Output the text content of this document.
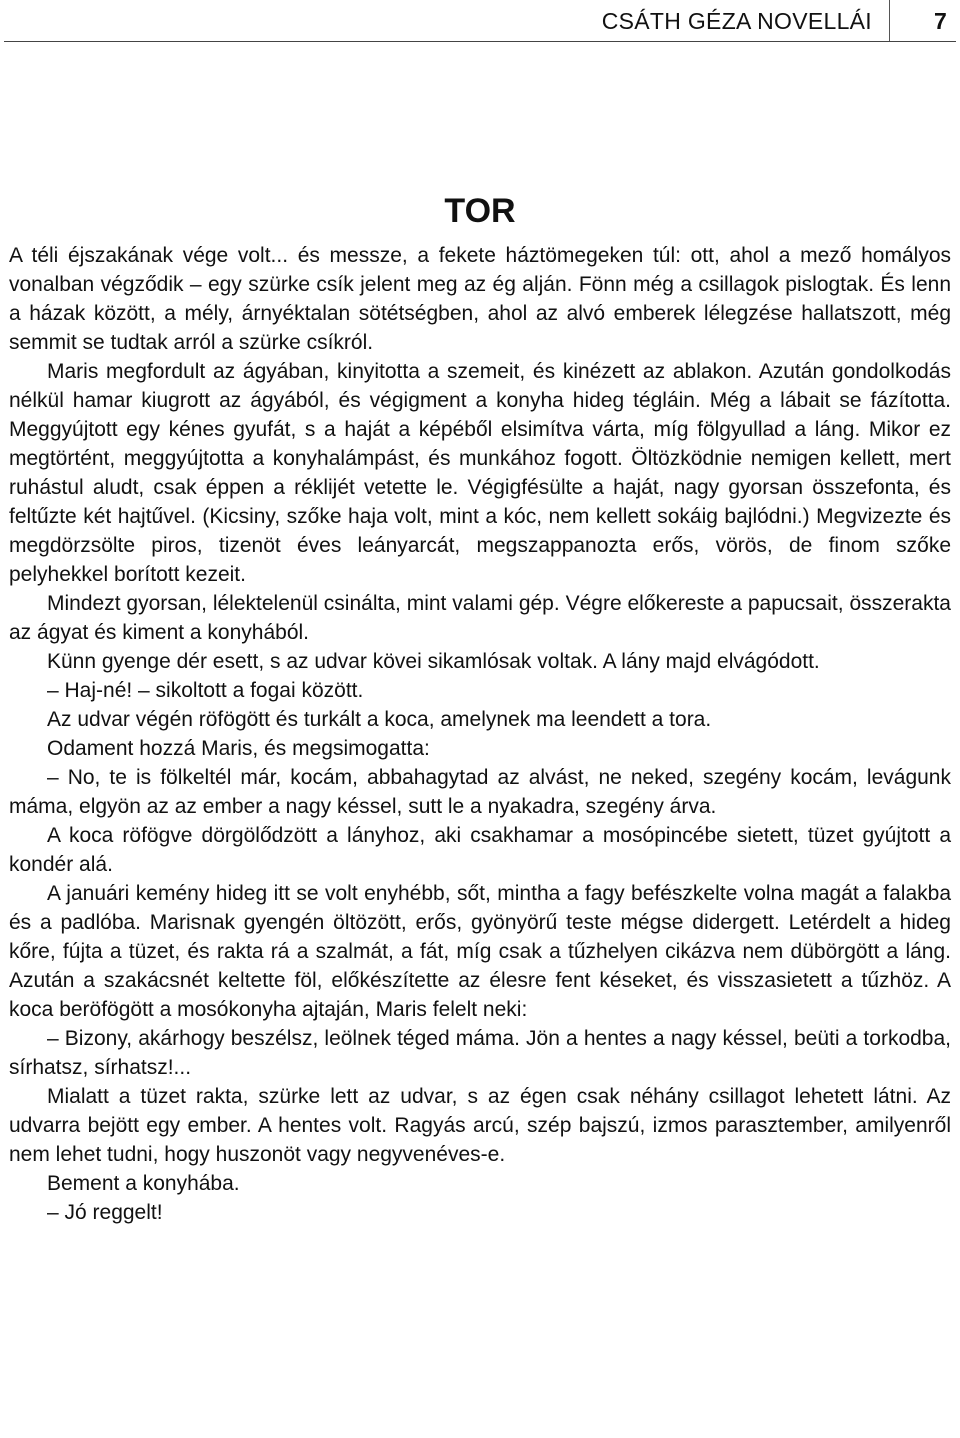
CSÁTH GÉZA NOVELLÁI	7
TOR

A téli éjszakának vége volt... és messze, a fekete háztömegeken túl: ott, ahol a mező homályos vonalban végződik – egy szürke csík jelent meg az ég alján. Fönn még a csillagok pislogtak. És lenn a házak között, a mély, árnyéktalan sötétségben, ahol az alvó emberek lélegzése hallatszott, még semmit se tudtak arról a szürke csíkról.

Maris megfordult az ágyában, kinyitotta a szemeit, és kinézett az ablakon. Azután gondolkodás nélkül hamar kiugrott az ágyából, és végigment a konyha hideg tégláin. Még a lábait se fázította. Meggyújtott egy kénes gyufát, s a haját a képéből elsimítva várta, míg fölgyullad a láng. Mikor ez megtörtént, meggyújtotta a konyhalámpást, és munkához fogott. Öltözködnie nemigen kellett, mert ruhástul aludt, csak éppen a réklijét vetette le. Végigfésülte a haját, nagy gyorsan összefonta, és feltűzte két hajtűvel. (Kicsiny, szőke haja volt, mint a kóc, nem kellett sokáig bajlódni.) Megvizezte és megdörzsölte piros, tizenöt éves leányarcát, megszappanozta erős, vörös, de finom szőke pelyhekkel borított kezeit.

Mindezt gyorsan, lélektelenül csinálta, mint valami gép. Végre előkereste a papucsait, összerakta az ágyat és kiment a konyhából.

Künn gyenge dér esett, s az udvar kövei sikamlósak voltak. A lány majd elvágódott.

– Haj-né! – sikoltott a fogai között.

Az udvar végén röfögött és turkált a koca, amelynek ma leendett a tora.

Odament hozzá Maris, és megsimogatta:

– No, te is fölkeltél már, kocám, abbahagytad az alvást, ne neked, szegény kocám, levágunk máma, elgyön az az ember a nagy késsel, sutt le a nyakadra, szegény árva.

A koca röfögve dörgölődzött a lányhoz, aki csakhamar a mosópincébe sietett, tüzet gyújtott a kondér alá.

A januári kemény hideg itt se volt enyhébb, sőt, mintha a fagy befészkelte volna magát a falakba és a padlóba. Marisnak gyengén öltözött, erős, gyönyörű teste mégse didergett. Letérdelt a hideg kőre, fújta a tüzet, és rakta rá a szalmát, a fát, míg csak a tűzhelyen cikázva nem dübörgött a láng. Azután a szakácsnét keltette föl, előkészítette az élesre fent késeket, és visszasietett a tűzhöz. A koca beröfögött a mosókonyha ajtaján, Maris felelt neki:

– Bizony, akárhogy beszélsz, leölnek téged máma. Jön a hentes a nagy késsel, beüti a torkodba, sírhatsz, sírhatsz!...

Mialatt a tüzet rakta, szürke lett az udvar, s az égen csak néhány csillagot lehetett látni. Az udvarra bejött egy ember. A hentes volt. Ragyás arcú, szép bajszú, izmos parasztember, amilyenről nem lehet tudni, hogy huszonöt vagy negyvenéves-e.

Bement a konyhába.

– Jó reggelt!
